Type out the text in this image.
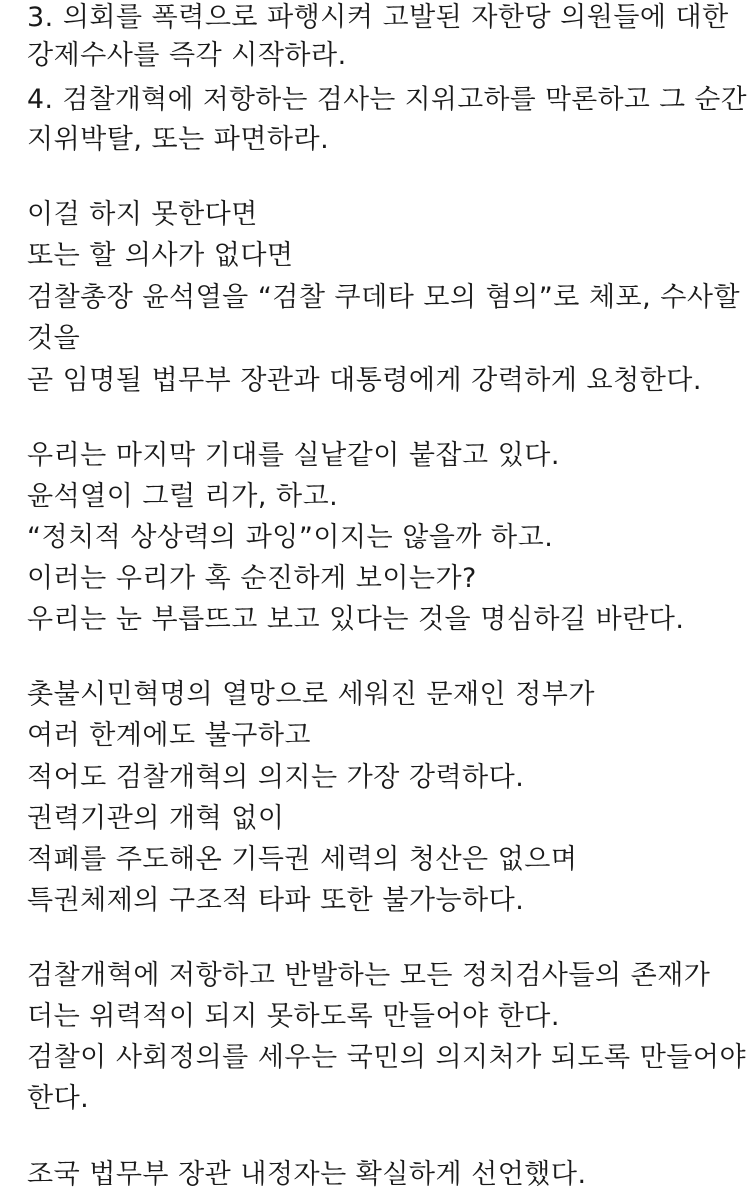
3. 의회를 폭력으로 파행시켜 고발된 자한당 의원들에 대한

강제수사를 즉각 시작하라.

4. 검찰개혁에 저항하는 검사는 지위고하를 막론하고 그 순간

지위박탈, 또는 파면하라.

이걸 하지 못한다면

또는 할 의사가 없다면

검찰총장 윤석열을 “검찰 쿠데타 모의 혐의”로 체포, 수사할

것을

곧 임명될 법무부 장관과 대통령에게 강력하게 요청한다.

우리는 마지막 기대를 실낱같이 붙잡고 있다.

윤석열이 그럴 리가, 하고.

“정치적 상상력의 과잉”이지는 않을까 하고.

이러는 우리가 혹 순진하게 보이는가?

우리는 눈 부릅뜨고 보고 있다는 것을 명심하길 바란다.

촛불시민혁명의 열망으로 세워진 문재인 정부가

여러 한계에도 불구하고

적어도 검찰개혁의 의지는 가장 강력하다.

권력기관의 개혁 없이

적폐를 주도해온 기득권 세력의 청산은 없으며

특권체제의 구조적 타파 또한 불가능하다.

검찰개혁에 저항하고 반발하는 모든 정치검사들의 존재가

더는 위력적이 되지 못하도록 만들어야 한다.

검찰이 사회정의를 세우는 국민의 의지처가 되도록 만들어야

한다.

조국 법무부 장관 내정자는 확실하게 선언했다.
